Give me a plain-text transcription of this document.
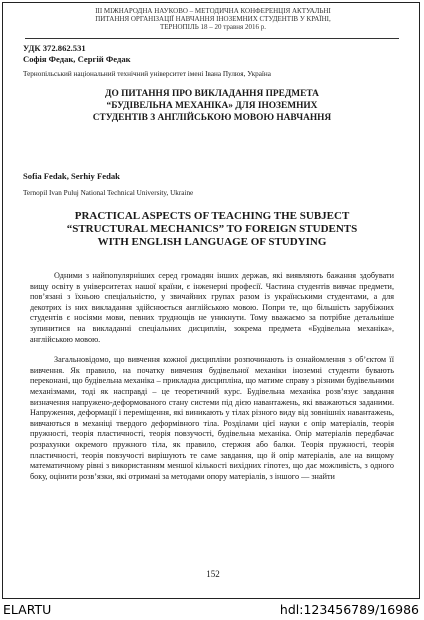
III МІЖНАРОДНА НАУКОВО – МЕТОДИЧНА КОНФЕРЕНЦІЯ АКТУАЛЬНІ
ПИТАННЯ ОРГАНІЗАЦІЇ НАВЧАННЯ ІНОЗЕМНИХ СТУДЕНТІВ У КРАЇНІ,
ТЕРНОПІЛЬ 18 – 20 травня 2016 р.
УДК 372.862.531
Софія Федак, Сергій Федак
Тернопільський національний технічний університет імені Івана Пулюя, Україна
ДО ПИТАННЯ ПРО ВИКЛАДАННЯ ПРЕДМЕТА
“БУДІВЕЛЬНА МЕХАНІКА» ДЛЯ ІНОЗЕМНИХ
СТУДЕНТІВ З АНГЛІЙСЬКОЮ МОВОЮ НАВЧАННЯ
Sofia Fedak, Serhiy Fedak
Ternopil Ivan Puluj National Technical University, Ukraine
PRACTICAL ASPECTS OF TEACHING THE SUBJECT
“STRUCTURAL MECHANICS” TO FOREIGN STUDENTS
WITH ENGLISH LANGUAGE OF STUDYING

Одними з найпопулярніших серед громадян інших держав, які виявляють бажання здобувати вищу освіту в університетах нашої країни, є інженерні професії. Частина студентів вивчає предмети, пов’язані з їхньою спеціальністю, у звичайних групах разом із українськими студентами, а для декотрих із них викладання здійснюється англійською мовою. Попри те, що більшість зарубіжних студентів є носіями мови, певних труднощів не уникнути. Тому вважаємо за потрібне детальніше зупинитися на викладанні спеціальних дисциплін, зокрема предмета «Будівельна механіка», англійською мовою.

Загальновідомо, що вивчення кожної дисципліни розпочинають із ознайомлення з об’єктом її вивчення. Як правило, на початку вивчення будівельної механіки іноземні студенти бувають переконані, що будівельна механіка – прикладна дисципліна, що матиме справу з різними будівельними механізмами, тоді як насправді – це теоретичний курс. Будівельна механіка розв’язує завдання визначення напружено-деформованого стану системи під дією навантажень, які вважаються заданими. Напруження, деформації і переміщення, які виникають у тілах різного виду від зовнішніх навантажень, вивчаються в механіці твердого деформівного тіла. Розділами цієї науки є опір матеріалів, теорія пружності, теорія пластичності, теорія повзучості, будівельна механіка. Опір матеріалів передбачає розрахунки окремого пружного тіла, як правило, стержня або балки. Теорія пружності, теорія пластичності, теорія повзучості вирішують те саме завдання, що й опір матеріалів, але на вищому математичному рівні з використанням меншої кількості вихідних гіпотез, що дає можливість, з одного боку, оцінити розв’язки, які отримані за методами опору матеріалів, з іншого — знайти

152
ELARTU	hdl:123456789/16986
